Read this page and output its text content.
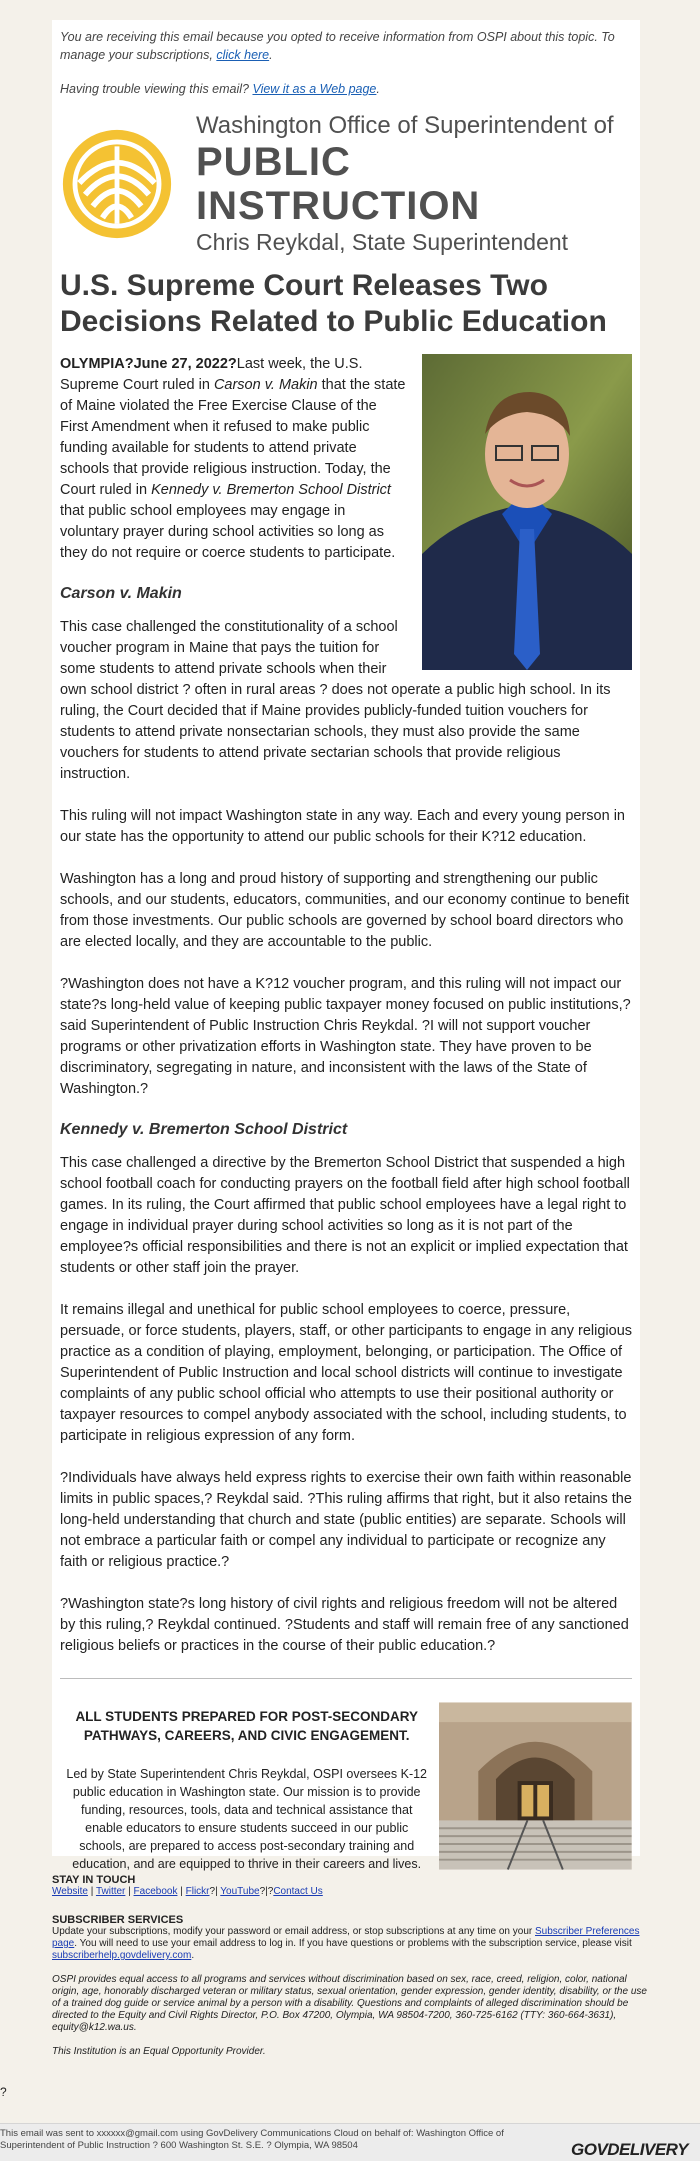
You are receiving this email because you opted to receive information from OSPI about this topic. To manage your subscriptions, click here.
Having trouble viewing this email? View it as a Web page.
Washington Office of Superintendent of
PUBLIC INSTRUCTION
Chris Reykdal, State Superintendent
U.S. Supreme Court Releases Two Decisions Related to Public Education

OLYMPIA?June 27, 2022?Last week, the U.S. Supreme Court ruled in Carson v. Makin that the state of Maine violated the Free Exercise Clause of the First Amendment when it refused to make public funding available for students to attend private schools that provide religious instruction. Today, the Court ruled in Kennedy v. Bremerton School District that public school employees may engage in voluntary prayer during school activities so long as they do not require or coerce students to participate.

Carson v. Makin

This case challenged the constitutionality of a school voucher program in Maine that pays the tuition for some students to attend private schools when their own school district ? often in rural areas ? does not operate a public high school. In its ruling, the Court decided that if Maine provides publicly-funded tuition vouchers for students to attend private nonsectarian schools, they must also provide the same vouchers for students to attend private sectarian schools that provide religious instruction.

This ruling will not impact Washington state in any way. Each and every young person in our state has the opportunity to attend our public schools for their K?12 education.

Washington has a long and proud history of supporting and strengthening our public schools, and our students, educators, communities, and our economy continue to benefit from those investments. Our public schools are governed by school board directors who are elected locally, and they are accountable to the public.

?Washington does not have a K?12 voucher program, and this ruling will not impact our state?s long-held value of keeping public taxpayer money focused on public institutions,? said Superintendent of Public Instruction Chris Reykdal. ?I will not support voucher programs or other privatization efforts in Washington state. They have proven to be discriminatory, segregating in nature, and inconsistent with the laws of the State of Washington.?

Kennedy v. Bremerton School District

This case challenged a directive by the Bremerton School District that suspended a high school football coach for conducting prayers on the football field after high school football games. In its ruling, the Court affirmed that public school employees have a legal right to engage in individual prayer during school activities so long as it is not part of the employee?s official responsibilities and there is not an explicit or implied expectation that students or other staff join the prayer.

It remains illegal and unethical for public school employees to coerce, pressure, persuade, or force students, players, staff, or other participants to engage in any religious practice as a condition of playing, employment, belonging, or participation. The Office of Superintendent of Public Instruction and local school districts will continue to investigate complaints of any public school official who attempts to use their positional authority or taxpayer resources to compel anybody associated with the school, including students, to participate in religious expression of any form.

?Individuals have always held express rights to exercise their own faith within reasonable limits in public spaces,? Reykdal said. ?This ruling affirms that right, but it also retains the long-held understanding that church and state (public entities) are separate. Schools will not embrace a particular faith or compel any individual to participate or recognize any faith or religious practice.?

?Washington state?s long history of civil rights and religious freedom will not be altered by this ruling,? Reykdal continued. ?Students and staff will remain free of any sanctioned religious beliefs or practices in the course of their public education.?

ALL STUDENTS PREPARED FOR POST-SECONDARY PATHWAYS, CAREERS, AND CIVIC ENGAGEMENT.
Led by State Superintendent Chris Reykdal, OSPI oversees K-12 public education in Washington state. Our mission is to provide funding, resources, tools, data and technical assistance that enable educators to ensure students succeed in our public schools, are prepared to access post-secondary training and education, and are equipped to thrive in their careers and lives.
STAY IN TOUCH
Website | Twitter | Facebook | Flickr?| YouTube?|?Contact Us
SUBSCRIBER SERVICES
Update your subscriptions, modify your password or email address, or stop subscriptions at any time on your Subscriber Preferences page. You will need to use your email address to log in. If you have questions or problems with the subscription service, please visit subscriberhelp.govdelivery.com.
OSPI provides equal access to all programs and services without discrimination based on sex, race, creed, religion, color, national origin, age, honorably discharged veteran or military status, sexual orientation, gender expression, gender identity, disability, or the use of a trained dog guide or service animal by a person with a disability. Questions and complaints of alleged discrimination should be directed to the Equity and Civil Rights Director, P.O. Box 47200, Olympia, WA 98504-7200, 360-725-6162 (TTY: 360-664-3631), equity@k12.wa.us.
This Institution is an Equal Opportunity Provider.
?
This email was sent to xxxxxx@gmail.com using GovDelivery Communications Cloud on behalf of: Washington Office of Superintendent of Public Instruction ? 600 Washington St. S.E. ? Olympia, WA 98504	GOVDELIVERY
